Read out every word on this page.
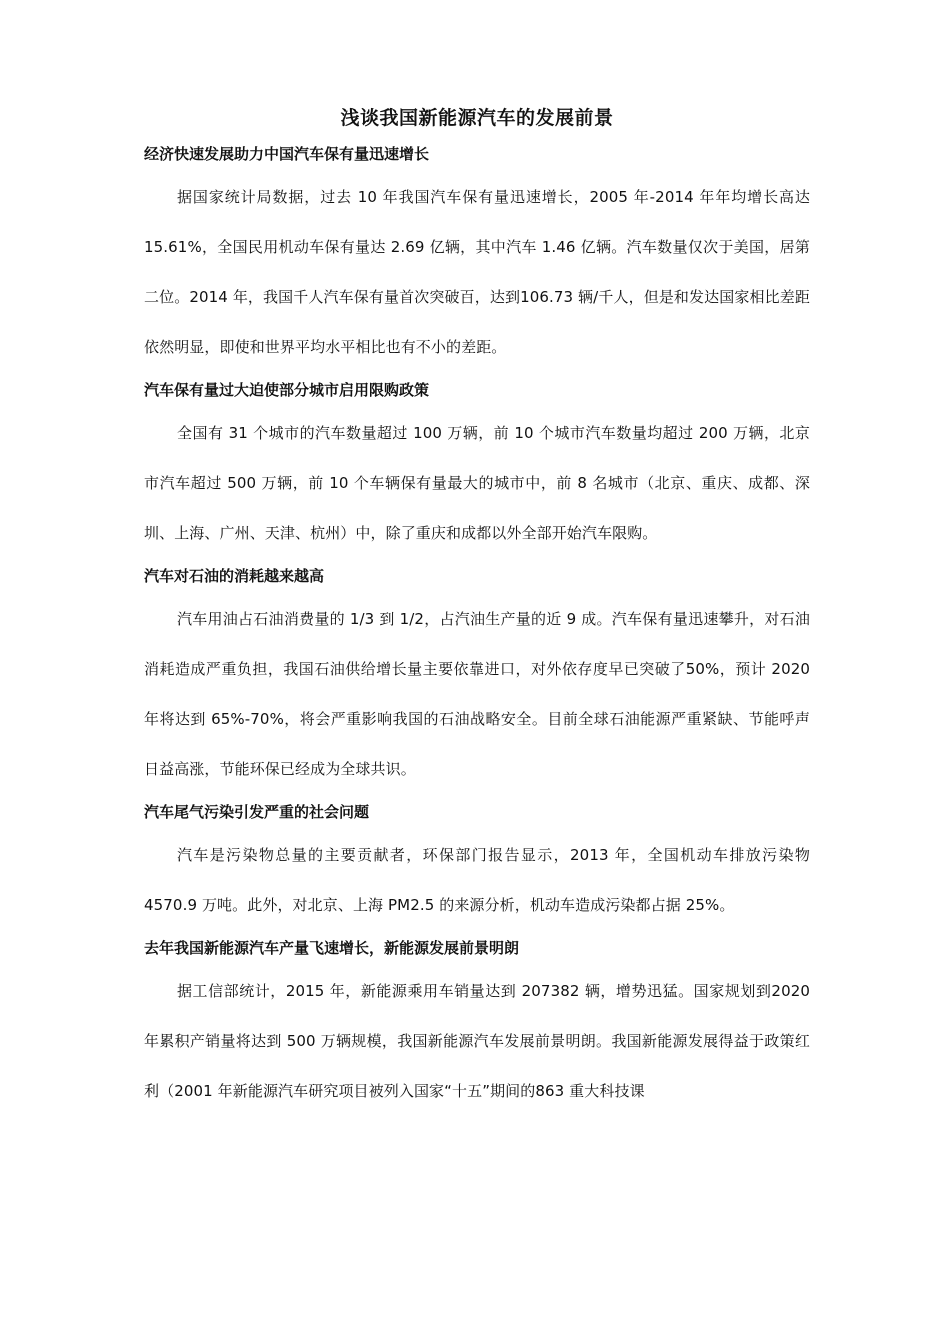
浅谈我国新能源汽车的发展前景
经济快速发展助力中国汽车保有量迅速增长

据国家统计局数据，过去 10 年我国汽车保有量迅速增长，2005 年-2014 年年均增长高达 15.61%，全国民用机动车保有量达 2.69 亿辆，其中汽车 1.46 亿辆。汽车数量仅次于美国，居第二位。2014 年，我国千人汽车保有量首次突破百，达到106.73 辆/千人，但是和发达国家相比差距依然明显，即使和世界平均水平相比也有不小的差距。

汽车保有量过大迫使部分城市启用限购政策

全国有 31 个城市的汽车数量超过 100 万辆，前 10 个城市汽车数量均超过 200 万辆，北京市汽车超过 500 万辆，前 10 个车辆保有量最大的城市中，前 8 名城市（北京、重庆、成都、深圳、上海、广州、天津、杭州）中，除了重庆和成都以外全部开始汽车限购。

汽车对石油的消耗越来越高

汽车用油占石油消费量的 1/3 到 1/2，占汽油生产量的近 9 成。汽车保有量迅速攀升，对石油消耗造成严重负担，我国石油供给增长量主要依靠进口，对外依存度早已突破了50%，预计 2020 年将达到 65%-70%，将会严重影响我国的石油战略安全。目前全球石油能源严重紧缺、节能呼声日益高涨，节能环保已经成为全球共识。

汽车尾气污染引发严重的社会问题

汽车是污染物总量的主要贡献者，环保部门报告显示，2013 年，全国机动车排放污染物 4570.9 万吨。此外，对北京、上海 PM2.5 的来源分析，机动车造成污染都占据 25%。

去年我国新能源汽车产量飞速增长，新能源发展前景明朗

据工信部统计，2015 年，新能源乘用车销量达到 207382 辆，增势迅猛。国家规划到2020 年累积产销量将达到 500 万辆规模，我国新能源汽车发展前景明朗。我国新能源发展得益于政策红利（2001 年新能源汽车研究项目被列入国家“十五”期间的863 重大科技课
